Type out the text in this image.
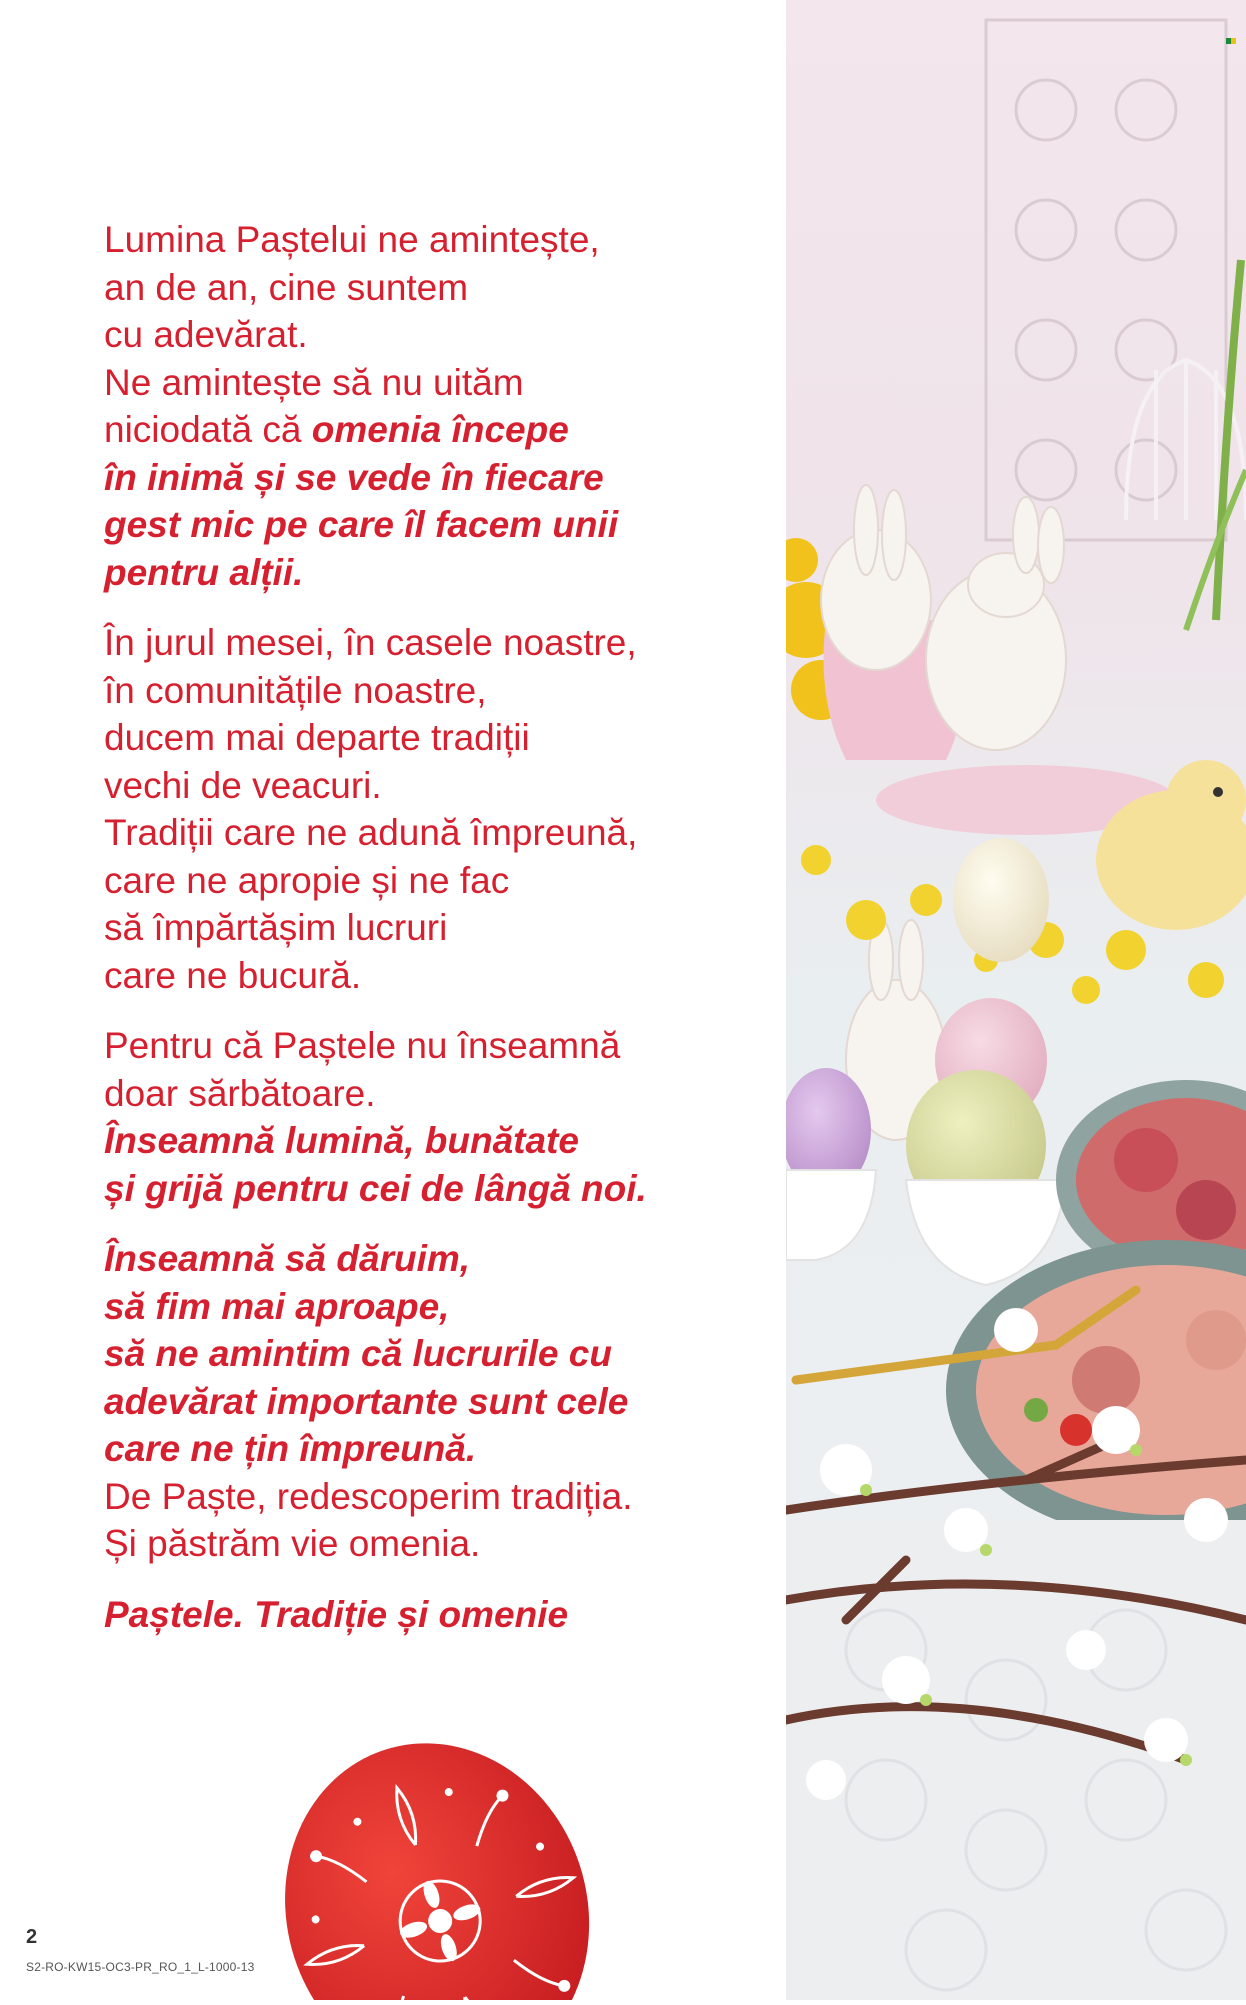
Lumina Paștelui ne amintește,
an de an, cine suntem
cu adevărat.
Ne amintește să nu uităm
niciodată că omenia începe
în inimă și se vede în fiecare
gest mic pe care îl facem unii
pentru alții.
În jurul mesei, în casele noastre,
în comunitățile noastre,
ducem mai departe tradiții
vechi de veacuri.
Tradiții care ne adună împreună,
care ne apropie și ne fac
să împărtășim lucruri
care ne bucură.
Pentru că Paștele nu înseamnă
doar sărbătoare.
Înseamnă lumină, bunătate
și grijă pentru cei de lângă noi.
Înseamnă să dăruim,
să fim mai aproape,
să ne amintim că lucrurile cu
adevărat importante sunt cele
care ne țin împreună.
De Paște, redescoperim tradiția.
Și păstrăm vie omenia.
Paștele. Tradiție și omenie
2
S2-RO-KW15-OC3-PR_RO_1_L-1000-13
